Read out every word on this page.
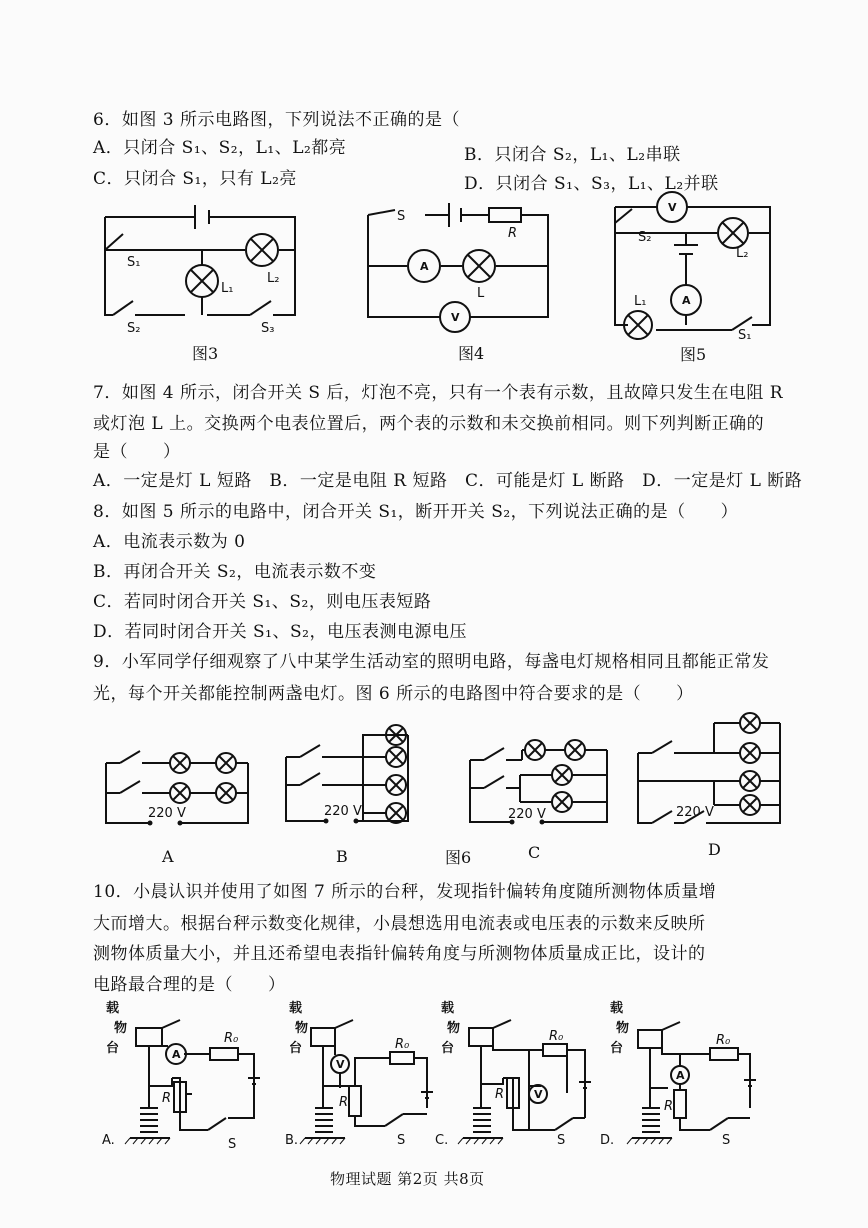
6．如图 3 所示电路图，下列说法不正确的是（
A．只闭合 S₁、S₂，L₁、L₂都亮	B．只闭合 S₂，L₁、L₂串联
C．只闭合 S₁，只有 L₂亮	D．只闭合 S₁、S₃，L₁、L₂并联
S₁
L₁
L₂
S₂	S₃
图3
S
R
A
L
V
图4
V
S₂
L₂
A
L₁
S₁
图5
7．如图 4 所示，闭合开关 S 后，灯泡不亮，只有一个表有示数，且故障只发生在电阻 R
或灯泡 L 上。交换两个电表位置后，两个表的示数和未交换前相同。则下列判断正确的
是（　　）
A．一定是灯 L 短路　B．一定是电阻 R 短路　C．可能是灯 L 断路　D．一定是灯 L 断路
8．如图 5 所示的电路中，闭合开关 S₁，断开开关 S₂，下列说法正确的是（　　）
A．电流表示数为 0
B．再闭合开关 S₂，电流表示数不变
C．若同时闭合开关 S₁、S₂，则电压表短路
D．若同时闭合开关 S₁、S₂，电压表测电源电压
9．小军同学仔细观察了八中某学生活动室的照明电路，每盏电灯规格相同且都能正常发
光，每个开关都能控制两盏电灯。图 6 所示的电路图中符合要求的是（　　）
220 V
A
220 V
B
220 V
图6	C
220 V
D
10．小晨认识并使用了如图 7 所示的台秤，发现指针偏转角度随所测物体质量增
大而增大。根据台秤示数变化规律，小晨想选用电流表或电压表的示数来反映所
测物体质量大小，并且还希望电表指针偏转角度与所测物体质量成正比，设计的
电路最合理的是（　　）
载物台	A
R₀
R
S
A.
载物台
V
R₀
R
S
B.
载物台
V
R₀
R
S
C.
载物台
A
R₀
R
S
D.
物理试题 第2页 共8页
